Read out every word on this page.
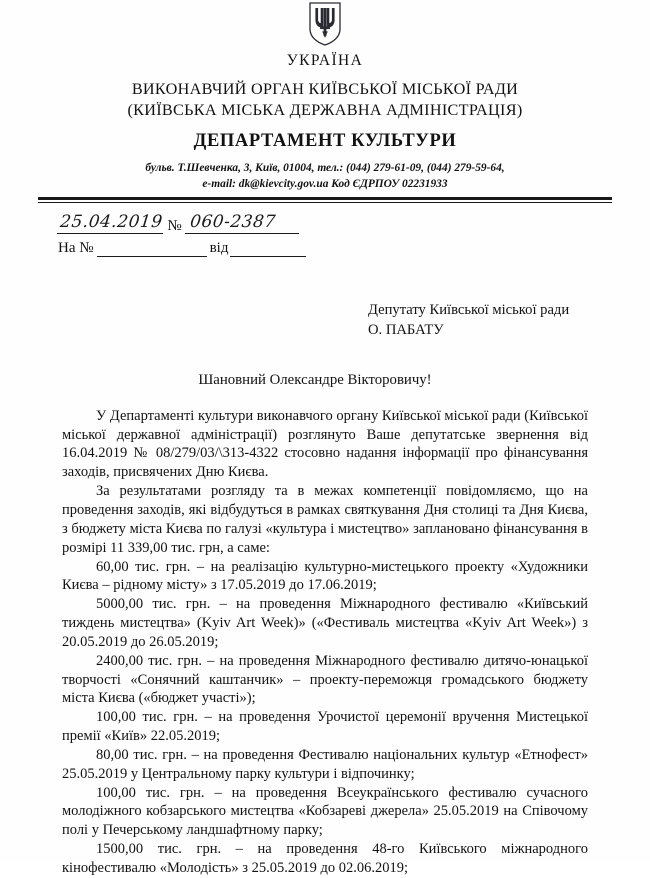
УКРАЇНА
ВИКОНАВЧИЙ ОРГАН КИЇВСЬКОЇ МІСЬКОЇ РАДИ
(КИЇВСЬКА МІСЬКА ДЕРЖАВНА АДМІНІСТРАЦІЯ)
ДЕПАРТАМЕНТ КУЛЬТУРИ
бульв. Т.Шевченка, 3, Київ, 01004, тел.: (044) 279-61-09, (044) 279-59-64,
e-mail: dk@kievcity.gov.ua Код ЄДРПОУ 02231933
25.04.2019 № 060-2387
На №	від
Депутату Київської міської ради
О. ПАБАТУ
Шановний Олександре Вікторовичу!

У Департаменті культури виконавчого органу Київської міської ради (Київської міської державної адміністрації) розглянуто Ваше депутатське звернення від 16.04.2019 № 08/279/03/\313-4322 стосовно надання інформації про фінансування заходів, присвячених Дню Києва.

За результатами розгляду та в межах компетенції повідомляємо, що на проведення заходів, які відбудуться в рамках святкування Дня столиці та Дня Києва, з бюджету міста Києва по галузі «культура і мистецтво» заплановано фінансування в розмірі 11 339,00 тис. грн, а саме:

60,00 тис. грн. – на реалізацію культурно-мистецького проекту «Художники Києва – рідному місту» з 17.05.2019 до 17.06.2019;

5000,00 тис. грн. – на проведення Міжнародного фестивалю «Київський тиждень мистецтва» (Kyiv Art Week)» («Фестиваль мистецтва «Kyiv Art Week») з 20.05.2019 до 26.05.2019;

2400,00 тис. грн. – на проведення Міжнародного фестивалю дитячо-юнацької творчості «Сонячний каштанчик» – проекту-переможця громадського бюджету міста Києва («бюджет участі»);

100,00 тис. грн. – на проведення Урочистої церемонії вручення Мистецької премії «Київ» 22.05.2019;

80,00 тис. грн. – на проведення Фестивалю національних культур «Етнофест» 25.05.2019 у Центральному парку культури і відпочинку;

100,00 тис. грн. – на проведення Всеукраїнського фестивалю сучасного молодіжного кобзарського мистецтва «Кобзареві джерела» 25.05.2019 на Співочому полі у Печерському ландшафтному парку;

1500,00 тис. грн. – на проведення 48-го Київського міжнародного кінофестивалю «Молодість» з 25.05.2019 до 02.06.2019;
